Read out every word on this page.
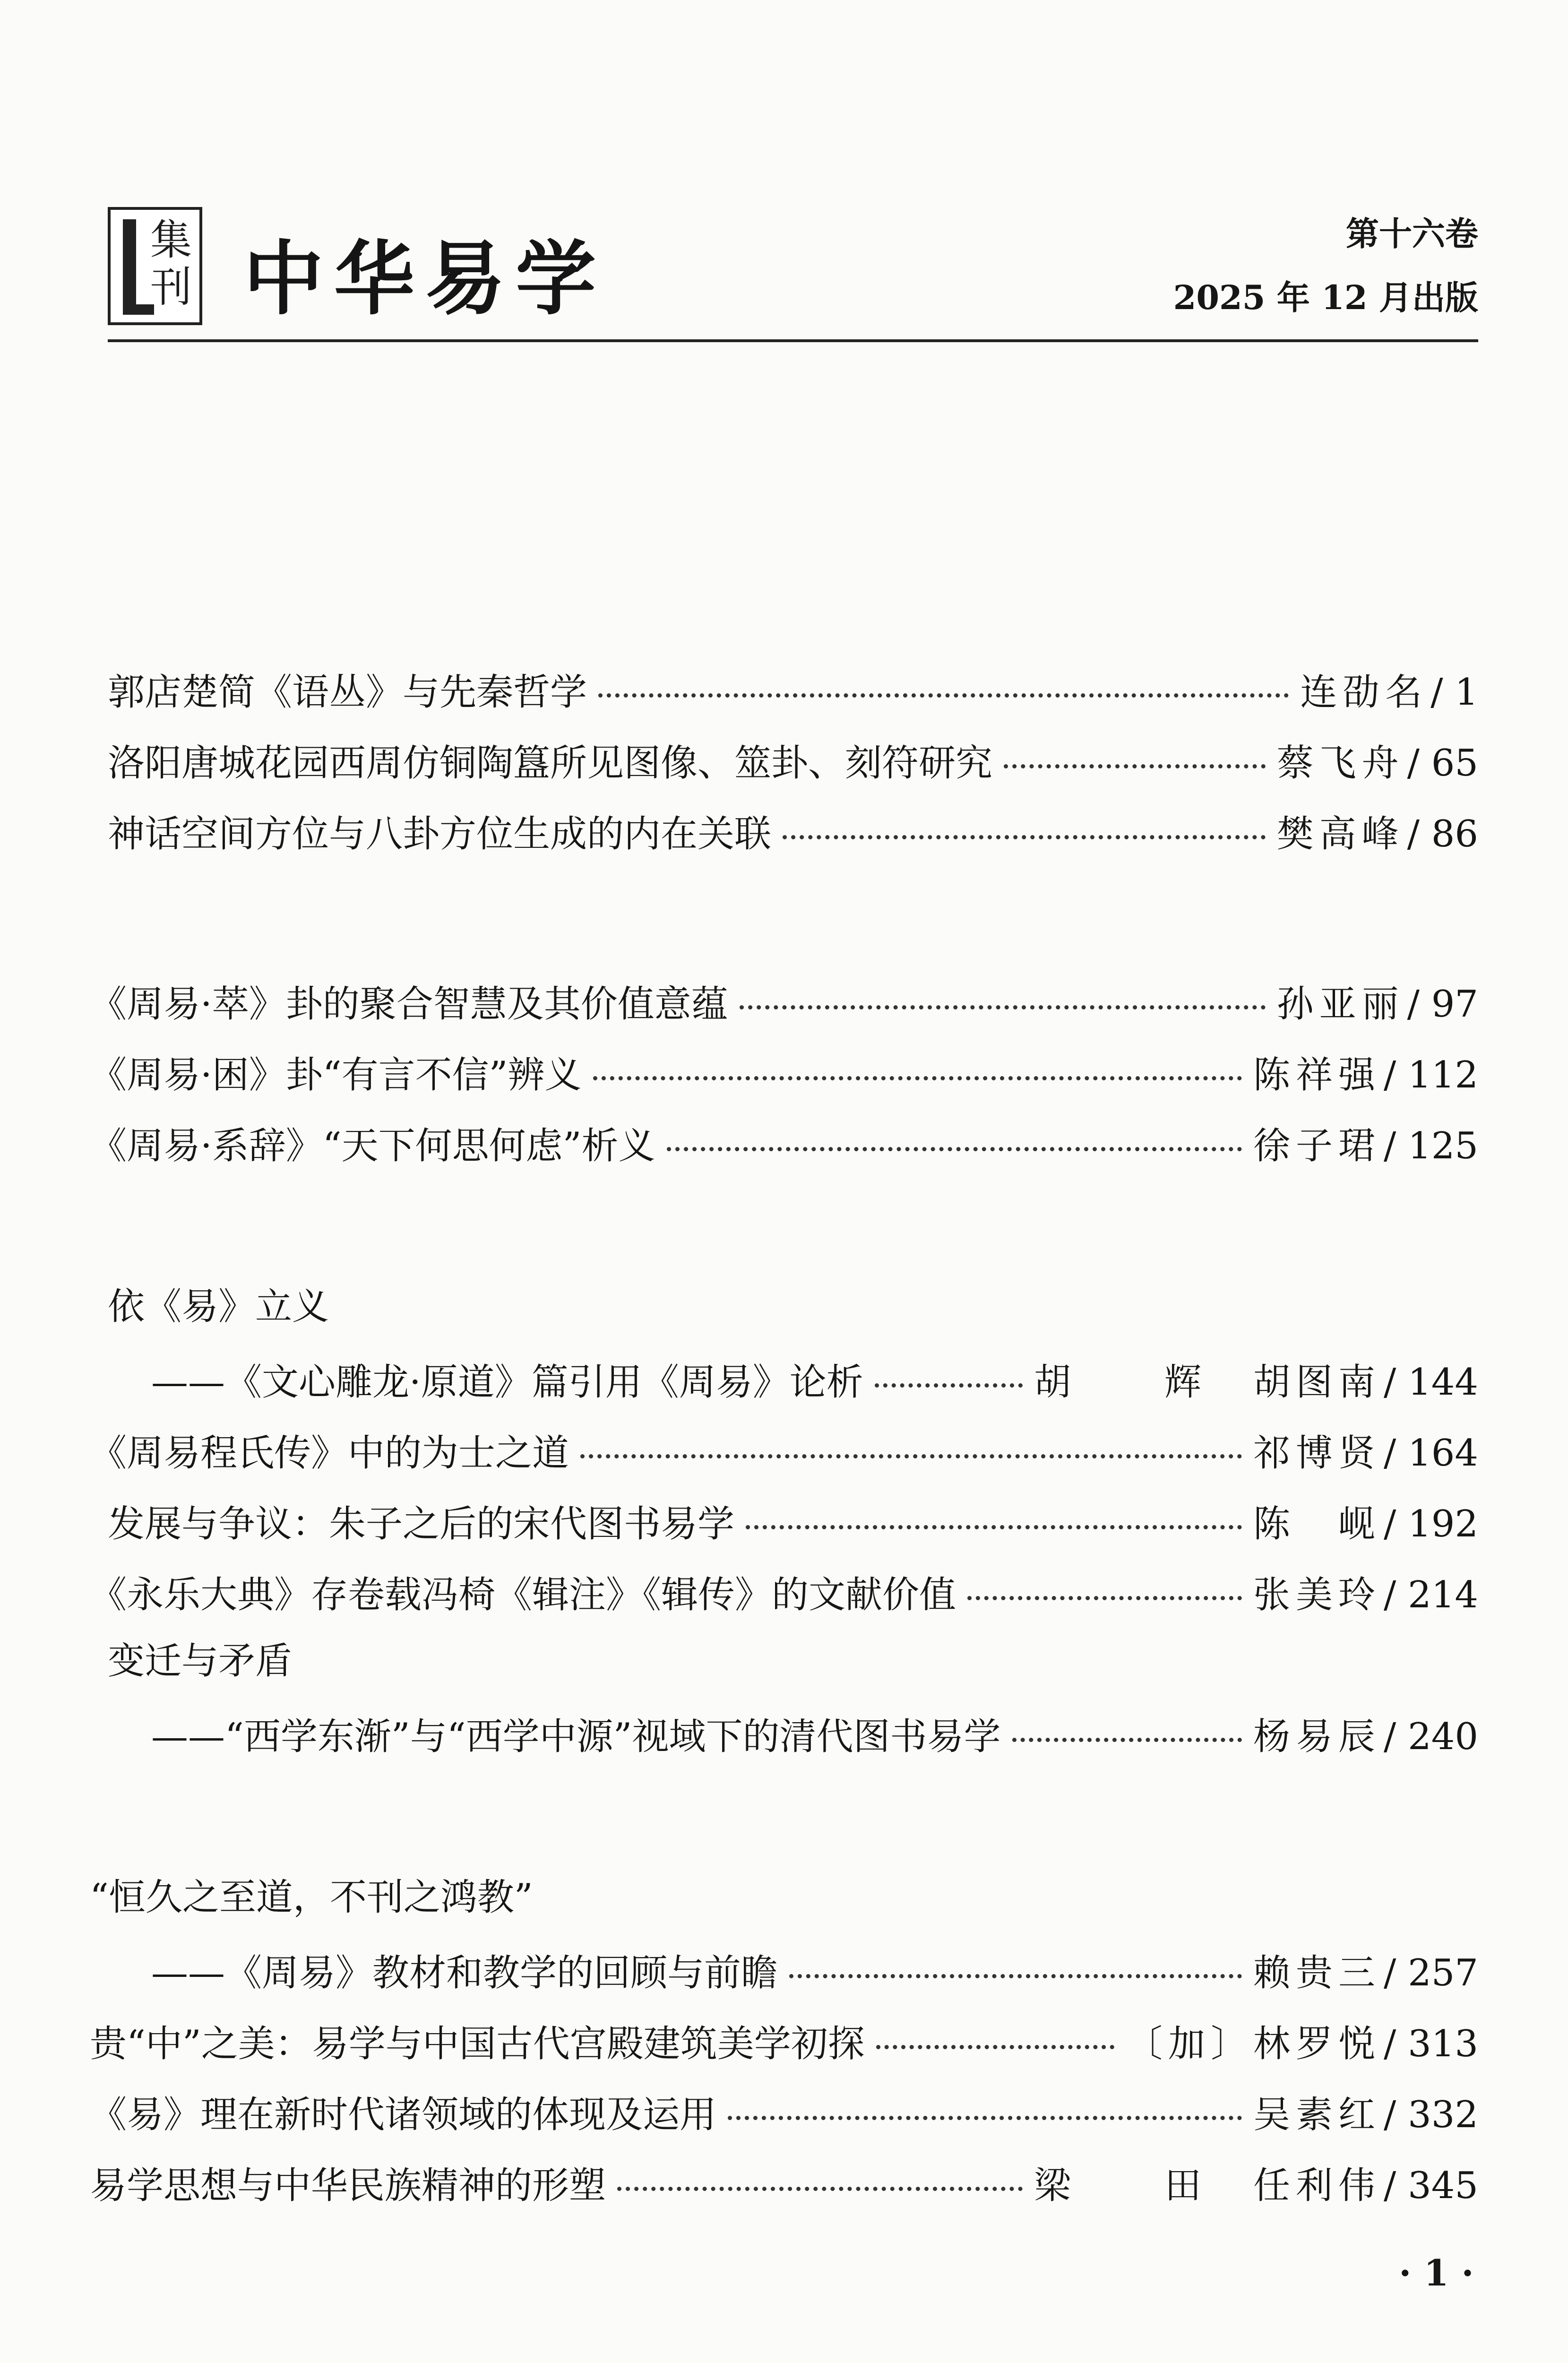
集
刊 中华易学	第十六卷
2025 年 12 月出版
郭店楚简《语丛》与先秦哲学	连劭名 / 1
洛阳唐城花园西周仿铜陶簋所见图像、筮卦、刻符研究	蔡飞舟 / 65
神话空间方位与八卦方位生成的内在关联	樊高峰 / 86
《周易·萃》卦的聚合智慧及其价值意蕴	孙亚丽 / 97
《周易·困》卦“有言不信”辨义	陈祥强 / 112
《周易·系辞》“天下何思何虑”析义	徐子珺 / 125
依《易》立义
——《文心雕龙·原道》篇引用《周易》论析	胡　辉 胡图南 / 144
《周易程氏传》中的为士之道	祁博贤 / 164
发展与争议：朱子之后的宋代图书易学	陈　岘 / 192
《永乐大典》存卷载冯椅《辑注》《辑传》的文献价值	张美玲 / 214
变迁与矛盾
——“西学东渐”与“西学中源”视域下的清代图书易学	杨易辰 / 240
“恒久之至道，不刊之鸿教”
——《周易》教材和教学的回顾与前瞻	赖贵三 / 257
贵“中”之美：易学与中国古代宫殿建筑美学初探	〔加〕 林罗悦 / 313
《易》理在新时代诸领域的体现及运用	吴素红 / 332
易学思想与中华民族精神的形塑	梁　田 任利伟 / 345
· 1 ·
